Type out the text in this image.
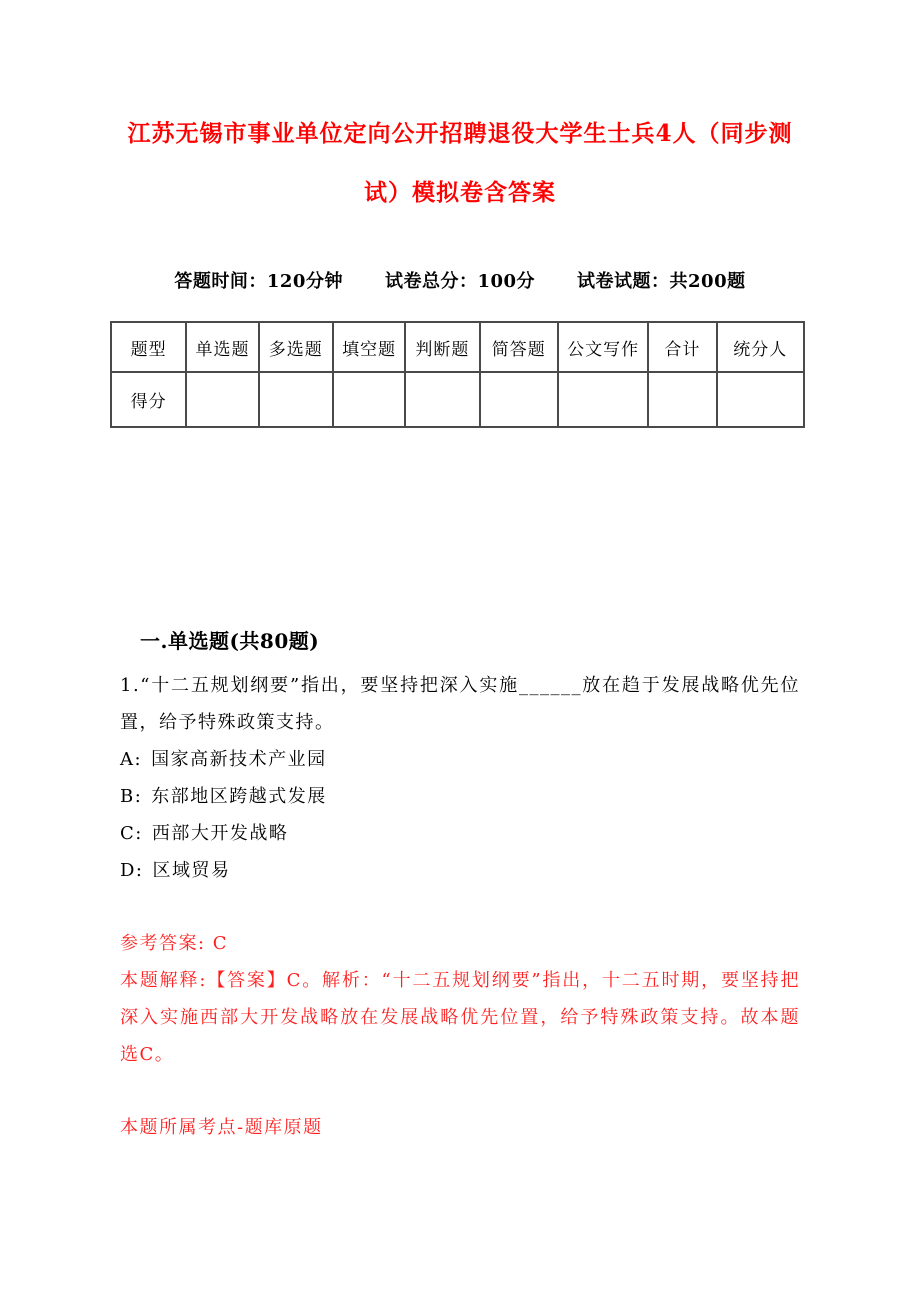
江苏无锡市事业单位定向公开招聘退役大学生士兵4人（同步测试）模拟卷含答案
答题时间：120分钟 试卷总分：100分 试卷试题：共200题
题型	单选题	多选题	填空题	判断题	简答题	公文写作	合计	统分人
得分								
一.单选题(共80题)

1.“十二五规划纲要”指出，要坚持把深入实施______放在趋于发展战略优先位置，给予特殊政策支持。

A: 国家高新技术产业园

B: 东部地区跨越式发展

C: 西部大开发战略

D: 区域贸易

参考答案: C

本题解释:【答案】C。解析：“十二五规划纲要”指出，十二五时期，要坚持把深入实施西部大开发战略放在发展战略优先位置，给予特殊政策支持。故本题选C。

本题所属考点-题库原题
